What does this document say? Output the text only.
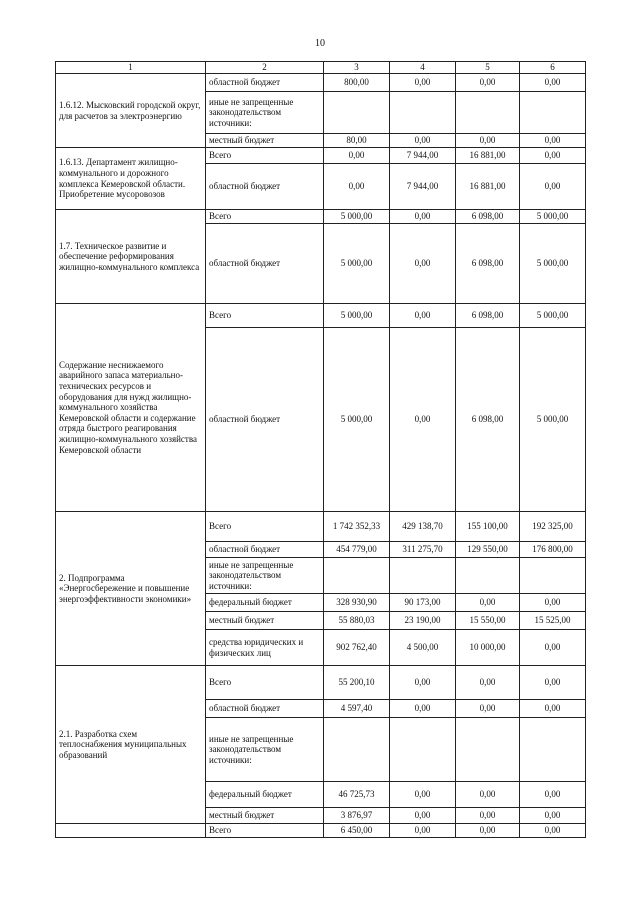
10
1	2	3	4	5	6
1.6.12. Мысковский городской округ, для расчетов за электроэнергию	областной бюджет	800,00	0,00	0,00	0,00
	иные не запрещенные законодательством источники:				
	местный бюджет	80,00	0,00	0,00	0,00
1.6.13. Департамент жилищно-коммунального и дорожного комплекса Кемеровской области. Приобретение мусоровозов	Всего	0,00	7 944,00	16 881,00	0,00
	областной бюджет	0,00	7 944,00	16 881,00	0,00
1.7. Техническое развитие и обеспечение реформирования жилищно-коммунального комплекса	Всего	5 000,00	0,00	6 098,00	5 000,00
	областной бюджет	5 000,00	0,00	6 098,00	5 000,00
Содержание неснижаемого аварийного запаса материально-технических ресурсов и оборудования для нужд жилищно-коммунального хозяйства Кемеровской области и содержание отряда быстрого реагирования жилищно-коммунального хозяйства Кемеровской области	Всего	5 000,00	0,00	6 098,00	5 000,00
	областной бюджет	5 000,00	0,00	6 098,00	5 000,00
2. Подпрограмма «Энергосбережение и повышение энергоэффективности экономики»	Всего	1 742 352,33	429 138,70	155 100,00	192 325,00
	областной бюджет	454 779,00	311 275,70	129 550,00	176 800,00
	иные не запрещенные законодательством источники:				
	федеральный бюджет	328 930,90	90 173,00	0,00	0,00
	местный бюджет	55 880,03	23 190,00	15 550,00	15 525,00
	средства юридических и физических лиц	902 762,40	4 500,00	10 000,00	0,00
2.1. Разработка схем теплоснабжения муниципальных образований	Всего	55 200,10	0,00	0,00	0,00
	областной бюджет	4 597,40	0,00	0,00	0,00
	иные не запрещенные законодательством источники:				
	федеральный бюджет	46 725,73	0,00	0,00	0,00
	местный бюджет	3 876,97	0,00	0,00	0,00
	Всего	6 450,00	0,00	0,00	0,00
